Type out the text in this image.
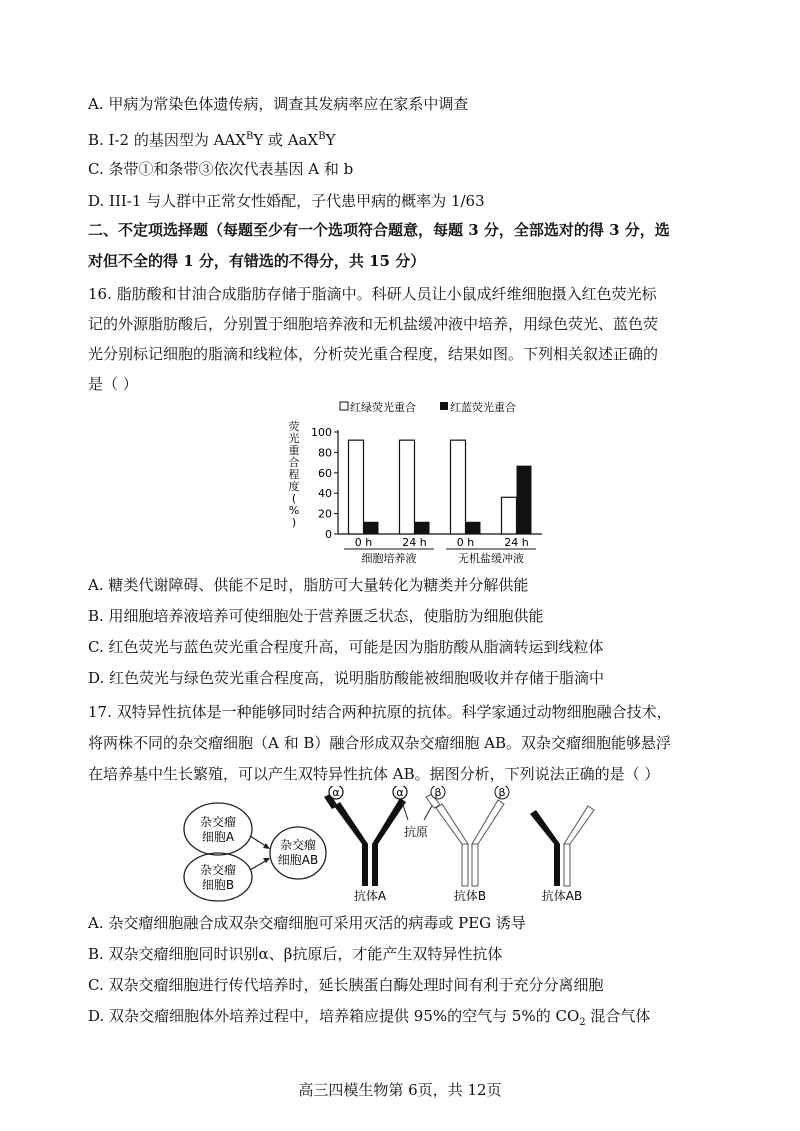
A. 甲病为常染色体遗传病，调查其发病率应在家系中调查
B. I-2 的基因型为 $AAX^BY$ 或 AaX$^B$Y
C. 条带①和条带③依次代表基因 A 和 b
D. III-1 与人群中正常女性婚配，子代患甲病的概率为 1/63
二、不定项选择题（每题至少有一个选项符合题意，每题 3 分，全部选对的得 3 分，选
对但不全的得 1 分，有错选的不得分，共 15 分）
16. 脂肪酸和甘油合成脂肪存储于脂滴中。科研人员让小鼠成纤维细胞摄入红色荧光标
记的外源脂肪酸后，分别置于细胞培养液和无机盐缓冲液中培养，用绿色荧光、蓝色荧
光分别标记细胞的脂滴和线粒体，分析荧光重合程度，结果如图。下列相关叙述正确的
是（ ）
红绿荧光重合	红蓝荧光重合
荧
光
重
合
程
度
(
%
)
0
20
40
60
80
100
0 h	24 h	0 h	24 h
细胞培养液	无机盐缓冲液
A. 糖类代谢障碍、供能不足时，脂肪可大量转化为糖类并分解供能
B. 用细胞培养液培养可使细胞处于营养匮乏状态，使脂肪为细胞供能
C. 红色荧光与蓝色荧光重合程度升高，可能是因为脂肪酸从脂滴转运到线粒体
D. 红色荧光与绿色荧光重合程度高，说明脂肪酸能被细胞吸收并存储于脂滴中
17. 双特异性抗体是一种能够同时结合两种抗原的抗体。科学家通过动物细胞融合技术，
将两株不同的杂交瘤细胞（A 和 B）融合形成双杂交瘤细胞 AB。双杂交瘤细胞能够悬浮
在培养基中生长繁殖，可以产生双特异性抗体 AB。据图分析，下列说法正确的是（ ）
杂交瘤
细胞A
杂交瘤
细胞B
杂交瘤
细胞AB
α	α
抗原
β	β
抗体A	抗体B	抗体AB
A. 杂交瘤细胞融合成双杂交瘤细胞可采用灭活的病毒或 PEG 诱导
B. 双杂交瘤细胞同时识别α、β抗原后，才能产生双特异性抗体
C. 双杂交瘤细胞进行传代培养时，延长胰蛋白酶处理时间有利于充分分离细胞
D. 双杂交瘤细胞体外培养过程中，培养箱应提供 95%的空气与 5%的 $CO_2$ 混合气体
高三四模生物第 6页，共 12页
